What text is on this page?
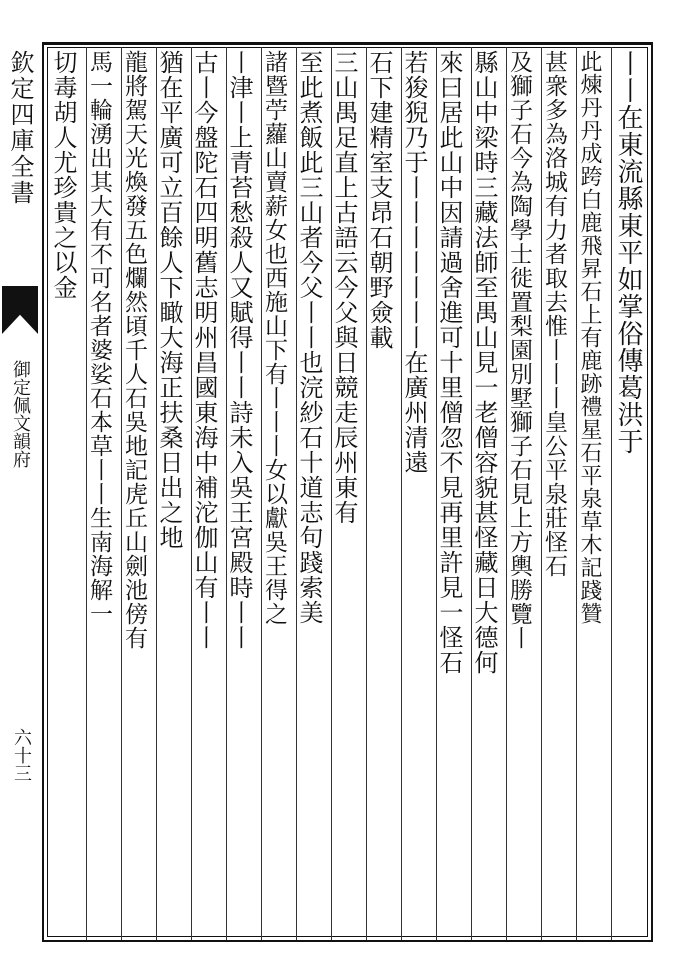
欽定四庫全書
御定佩文韻府
六十三
丨丨在東流縣東平如掌俗傳葛洪于
此煉丹丹成跨白鹿飛昇石上有鹿跡禮星石平泉草木記踐贊
甚衆多為洛城有力者取去惟丨丨丨皇公平泉莊怪石
及獅子石今為陶學士徙置梨園別墅獅子石見上方輿勝覽丨
縣山中梁時三藏法師至禺山見一老僧容貌甚怪藏日大德何
來曰居此山中因請過舍進可十里僧忽不見再里許見一怪石
若狻猊乃于丨丨丨丨丨丨丨在廣州清遠
石下建精室支昂石朝野僉載
三山禺足直上古語云今父與日競走辰州東有
至此煮飯此三山者今父丨丨也浣紗石十道志句踐索美
諸暨苧蘿山賣薪女也西施山下有丨丨丨女以獻吳王得之
丨津丨上青苔愁殺人又賦得丨丨詩未入吳王宮殿時丨丨
古丨今盤陀石四明舊志明州昌國東海中補沱伽山有丨丨
猶在平廣可立百餘人下瞰大海正扶桑日出之地
龍將駕天光煥發五色爛然頃千人石吳地記虎丘山劍池傍有
馬一輪湧出其大有不可名者婆娑石本草丨丨生南海解一
切毒胡人尤珍貴之以金
